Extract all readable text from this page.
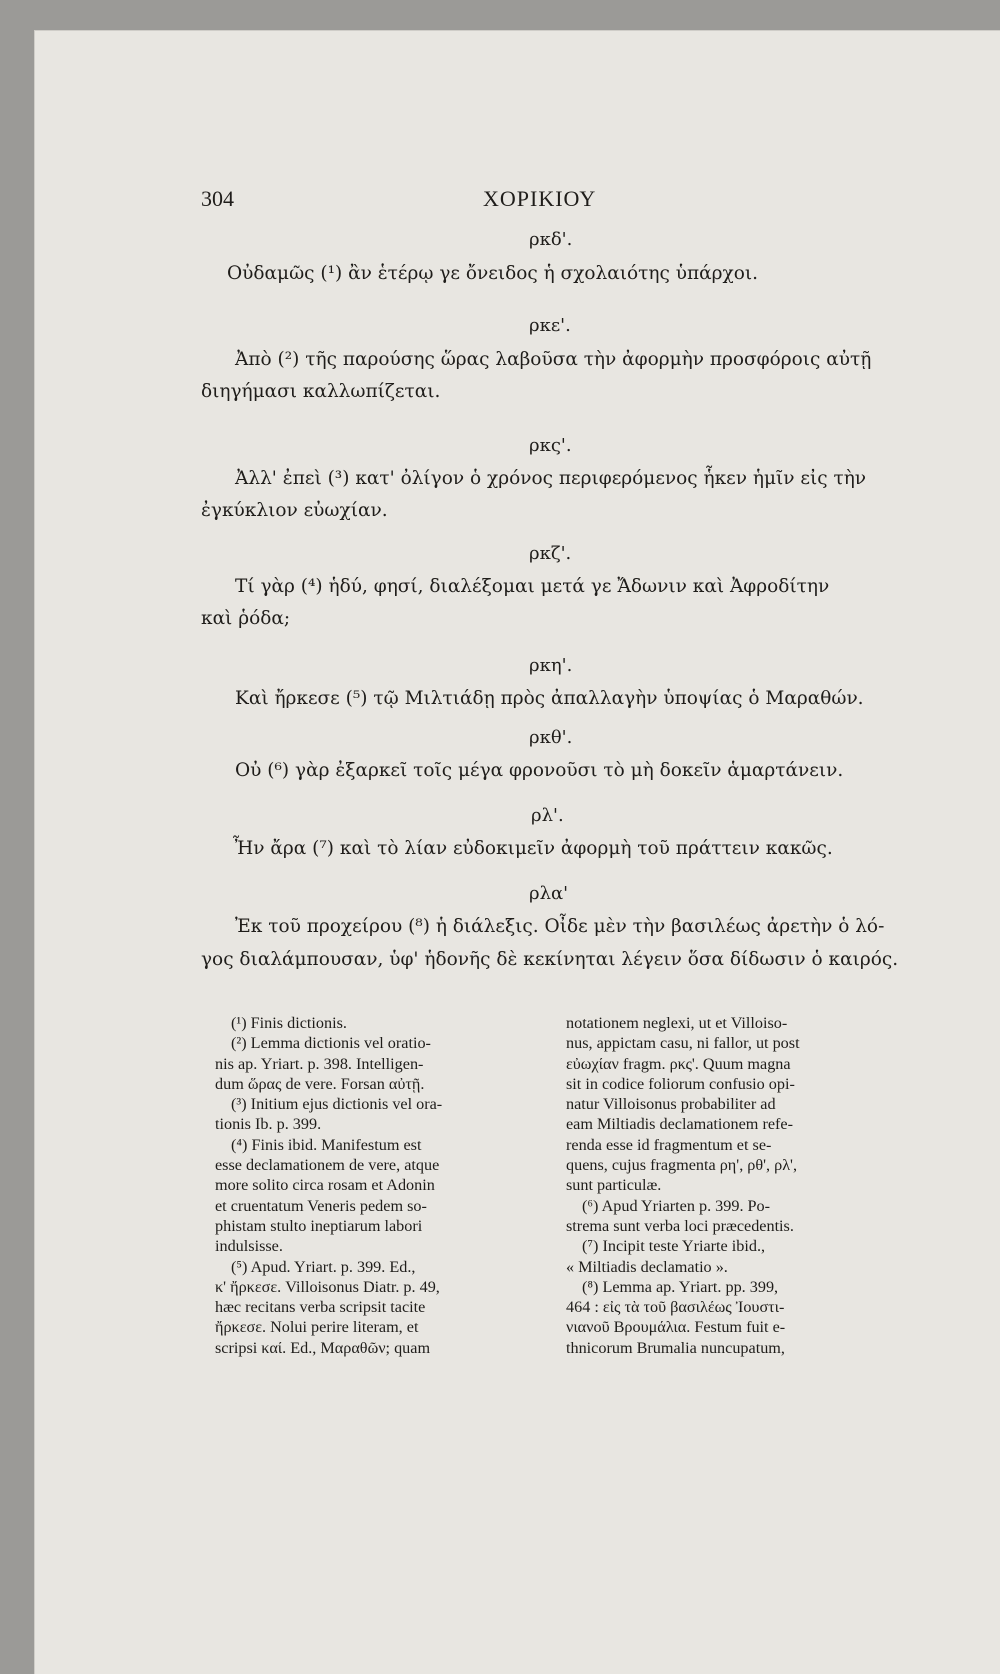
304	ΧΟΡΙΚΙΟΥ
ρκδ'.
Οὐδαμῶς (¹) ἂν ἑτέρῳ γε ὄνειδος ἡ σχολαιότης ὑπάρχοι.
ρκε'.
Ἀπὸ (²) τῆς παρούσης ὥρας λαβοῦσα τὴν ἀφορμὴν προσφόροις αὐτῇ
διηγήμασι καλλωπίζεται.
ρκς'.
Ἀλλ' ἐπεὶ (³) κατ' ὀλίγον ὁ χρόνος περιφερόμενος ἧκεν ἡμῖν εἰς τὴν
ἐγκύκλιον εὐωχίαν.
ρκζ'.
Τί γὰρ (⁴) ἡδύ, φησί, διαλέξομαι μετά γε Ἄδωνιν καὶ Ἀφροδίτην
καὶ ῥόδα;
ρκη'.
Καὶ ἤρκεσε (⁵) τῷ Μιλτιάδῃ πρὸς ἀπαλλαγὴν ὑποψίας ὁ Μαραθών.
ρκθ'.
Οὐ (⁶) γὰρ ἐξαρκεῖ τοῖς μέγα φρονοῦσι τὸ μὴ δοκεῖν ἁμαρτάνειν.
ρλ'.
Ἦν ἄρα (⁷) καὶ τὸ λίαν εὐδοκιμεῖν ἀφορμὴ τοῦ πράττειν κακῶς.
ρλα'
Ἐκ τοῦ προχείρου (⁸) ἡ διάλεξις. Οἶδε μὲν τὴν βασιλέως ἀρετὴν ὁ λό-
γος διαλάμπουσαν, ὑφ' ἡδονῆς δὲ κεκίνηται λέγειν ὅσα δίδωσιν ὁ καιρός.
(¹) Finis dictionis.
(²) Lemma dictionis vel oratio-
nis ap. Yriart. p. 398. Intelligen-
dum ὥρας de vere. Forsan αὐτῇ.
(³) Initium ejus dictionis vel ora-
tionis Ib. p. 399.
(⁴) Finis ibid. Manifestum est
esse declamationem de vere, atque
more solito circa rosam et Adonin
et cruentatum Veneris pedem so-
phistam stulto ineptiarum labori
indulsisse.
(⁵) Apud. Yriart. p. 399. Ed.,
κ' ἤρκεσε. Villoisonus Diatr. p. 49,
hæc recitans verba scripsit tacite
ἤρκεσε. Nolui perire literam, et
scripsi καί. Ed., Μαραθῶν; quam
notationem neglexi, ut et Villoiso-
nus, appictam casu, ni fallor, ut post
εὐωχίαν fragm. ρκς'. Quum magna
sit in codice foliorum confusio opi-
natur Villoisonus probabiliter ad
eam Miltiadis declamationem refe-
renda esse id fragmentum et se-
quens, cujus fragmenta ρη', ρθ', ρλ',
sunt particulæ.
(⁶) Apud Yriarten p. 399. Po-
strema sunt verba loci præcedentis.
(⁷) Incipit teste Yriarte ibid.,
« Miltiadis declamatio ».
(⁸) Lemma ap. Yriart. pp. 399,
464 : εἰς τὰ τοῦ βασιλέως Ἰουστι-
νιανοῦ Βρουμάλια. Festum fuit e-
thnicorum Brumalia nuncupatum,
